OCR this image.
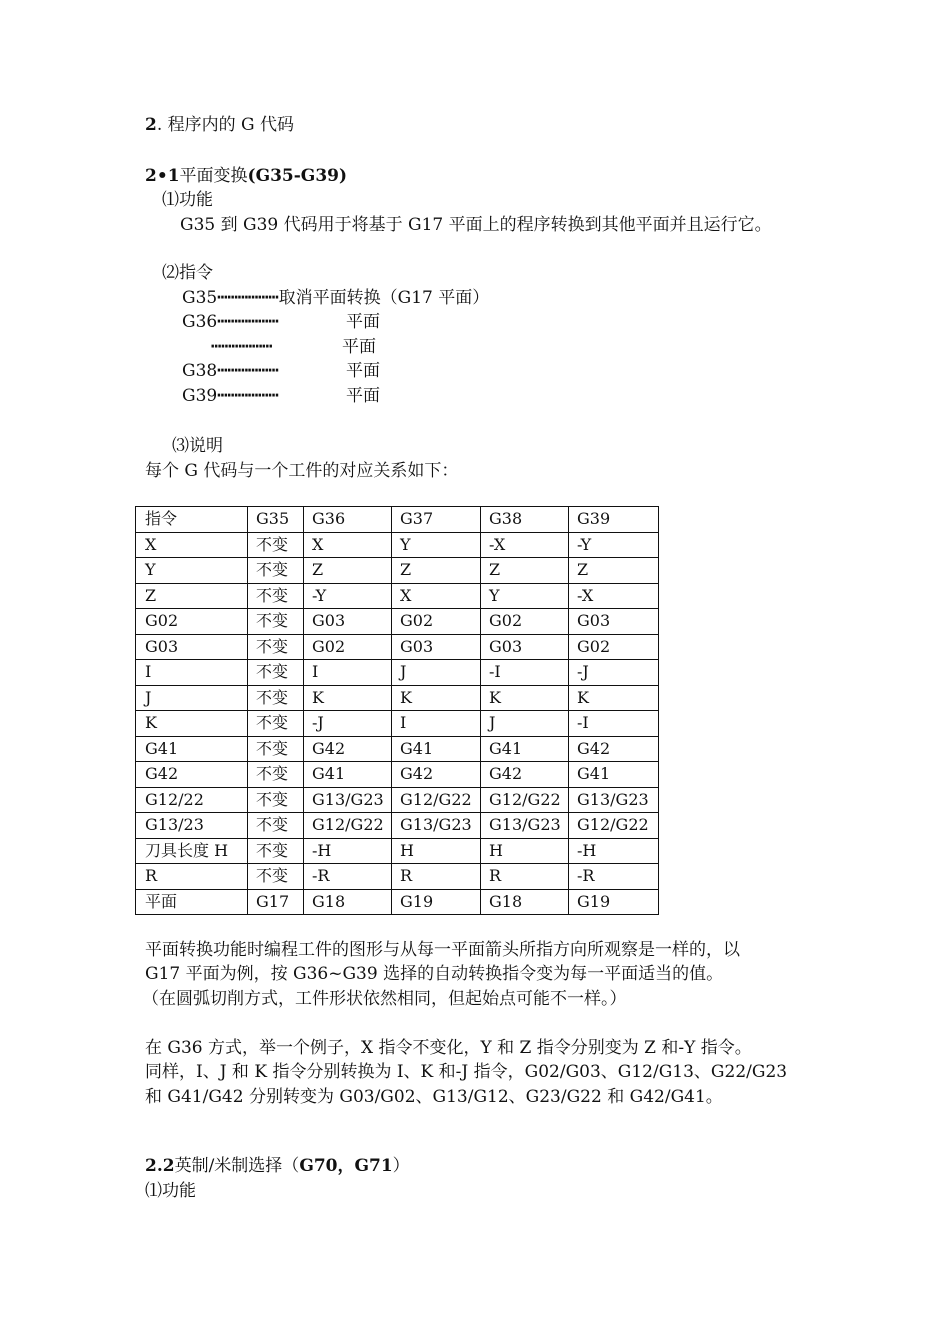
2. 程序内的 G 代码
2•1平面变换(G35-G39)
⑴功能
G35 到 G39 代码用于将基于 G17 平面上的程序转换到其他平面并且运行它。
⑵指令
G35┅┅┅┅┅┅取消平面转换（G17 平面）
G36┅┅┅┅┅┅	平面
┅┅┅┅┅┅	平面
G38┅┅┅┅┅┅	平面
G39┅┅┅┅┅┅	平面
⑶说明
每个 G 代码与一个工件的对应关系如下：
指令	G35	G36	G37	G38	G39
X	不变	X	Y	-X	-Y
Y	不变	Z	Z	Z	Z
Z	不变	-Y	X	Y	-X
G02	不变	G03	G02	G02	G03
G03	不变	G02	G03	G03	G02
I	不变	I	J	-I	-J
J	不变	K	K	K	K
K	不变	-J	I	J	-I
G41	不变	G42	G41	G41	G42
G42	不变	G41	G42	G42	G41
G12/22	不变	G13/G23	G12/G22	G12/G22	G13/G23
G13/23	不变	G12/G22	G13/G23	G13/G23	G12/G22
刀具长度 H	不变	-H	H	H	-H
R	不变	-R	R	R	-R
平面	G17	G18	G19	G18	G19
平面转换功能时编程工件的图形与从每一平面箭头所指方向所观察是一样的，以
G17 平面为例，按 G36~G39 选择的自动转换指令变为每一平面适当的值。
（在圆弧切削方式，工件形状依然相同，但起始点可能不一样。）
在 G36 方式，举一个例子，X 指令不变化，Y 和 Z 指令分别变为 Z 和-Y 指令。
同样，I、J 和 K 指令分别转换为 I、K 和-J 指令，G02/G03、G12/G13、G22/G23
和 G41/G42 分别转变为 G03/G02、G13/G12、G23/G22 和 G42/G41。
2.2英制/米制选择（G70，G71）
⑴功能
